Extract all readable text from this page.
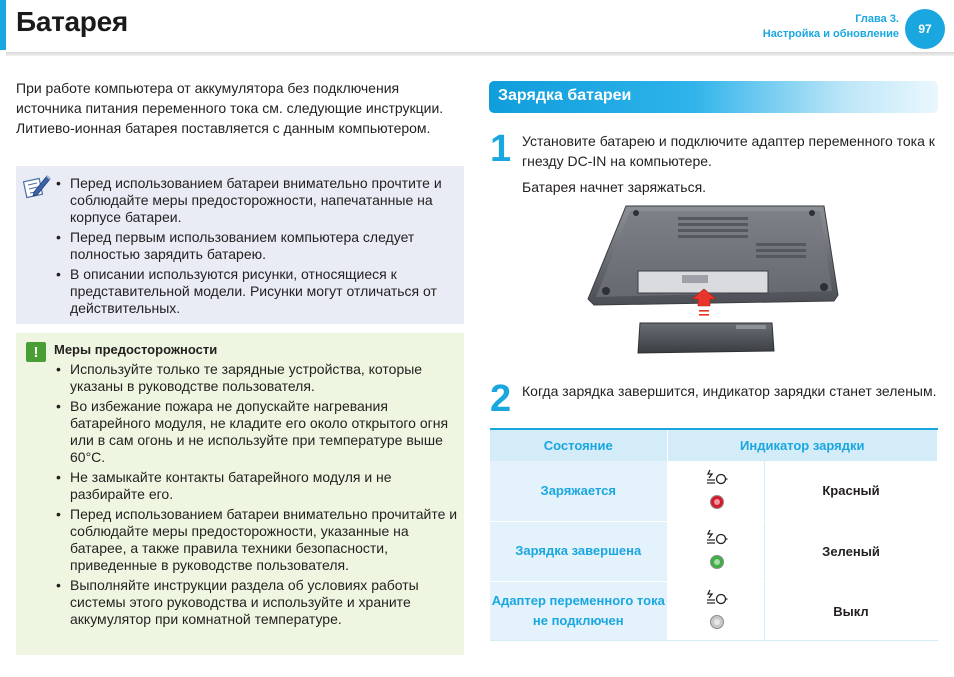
Батарея	Глава 3.
Настройка и обновление	97

При работе компьютера от аккумулятора без подключения источника питания переменного тока см. следующие инструкции. Литиево-ионная батарея поставляется с данным компьютером.

• Перед использованием батареи внимательно прочтите и соблюдайте меры предосторожности, напечатанные на корпусе батареи.
• Перед первым использованием компьютера следует полностью зарядить батарею.
• В описании используются рисунки, относящиеся к представительной модели. Рисунки могут отличаться от действительных.
!	Меры предосторожности
• Используйте только те зарядные устройства, которые указаны в руководстве пользователя.
• Во избежание пожара не допускайте нагревания батарейного модуля, не кладите его около открытого огня или в сам огонь и не используйте при температуре выше 60°C.
• Не замыкайте контакты батарейного модуля и не разбирайте его.
• Перед использованием батареи внимательно прочитайте и соблюдайте меры предосторожности, указанные на батарее, а также правила техники безопасности, приведенные в руководстве пользователя.
• Выполняйте инструкции раздела об условиях работы системы этого руководства и используйте и храните аккумулятор при комнатной температуре.
Зарядка батареи
1 Установите батарею и подключите адаптер переменного тока к гнезду DC-IN на компьютере.

Батарея начнет заряжаться.

2 Когда зарядка завершится, индикатор зарядки станет зеленым.

Состояние	Индикатор зарядки	
Заряжается		Красный
Зарядка завершена		Зеленый
Адаптер переменного тока не подключен		Выкл
